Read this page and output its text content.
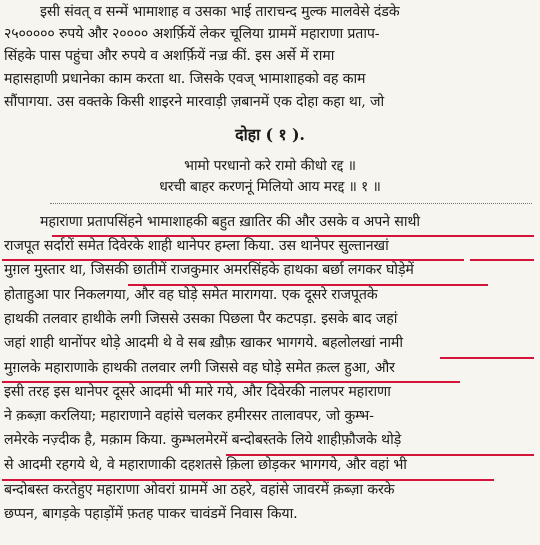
इसी संवत् व सन्में भामाशाह व उसका भाई ताराचन्द मुल्क मालवेसे दंडके
२५००००० रुपये और २०००० अशर्फ़ियें लेकर चूलिया ग्राममें महाराणा प्रताप-
सिंहके पास पहुंचा और रुपये व अशर्फ़ियें नज़्र कीं. इस अर्से में रामा
महासहाणी प्रधानेका काम करता था. जिसके एवज् भामाशाहको वह काम
सौंपागया. उस वक्तके किसी शाइरने मारवाड़ी ज़बानमें एक दोहा कहा था, जो
दोहा ( १ ).
भामो परधानो करे रामो कीधो रद्द ॥
धरची बाहर करणनूं मिलियो आय मरद्द ॥ १ ॥
महाराणा प्रतापसिंहने भामाशाहकी बहुत ख़ातिर की और उसके व अपने साथी
राजपूत सर्दारों समेत दिवेरके शाही थानेपर हम्ला किया. उस थानेपर सुल्तानखां
मुग़ल मुस्तार था, जिसकी छातीमें राजकुमार अमरसिंहके हाथका बर्छा लगकर घोड़ेमें
होताहुआ पार निकलगया, और वह घोड़े समेत मारागया. एक दूसरे राजपूतके
हाथकी तलवार हाथीके लगी जिससे उसका पिछला पैर कटपड़ा. इसके बाद जहां
जहां शाही थानोंपर थोड़े आदमी थे वे सब ख़ौफ़ खाकर भागगये. बहलोलखां नामी
मुग़लके महाराणाके हाथकी तलवार लगी जिससे वह घोड़े समेत क़त्ल हुआ, और
इसी तरह इस थानेपर दूसरे आदमी भी मारे गये, और दिवेरकी नालपर महाराणा
ने क़ब्ज़ा करलिया; महाराणाने वहांसे चलकर हमीरसर तालावपर, जो कुम्भ-
लमेरके नज़्दीक है, मक़ाम किया. कुम्भलमेरमें बन्दोबस्तके लिये शाहीफ़ौजके थोड़े
से आदमी रहगये थे, वे महाराणाकी दहशतसे क़िला छोड़कर भागगये, और वहां भी
बन्दोबस्त करतेहुए महाराणा ओवरां ग्राममें आ ठहरे, वहांसे जावरमें क़ब्ज़ा करके
छप्पन, बागड़के पहाड़ोंमें फ़तह पाकर चावंडमें निवास किया.
